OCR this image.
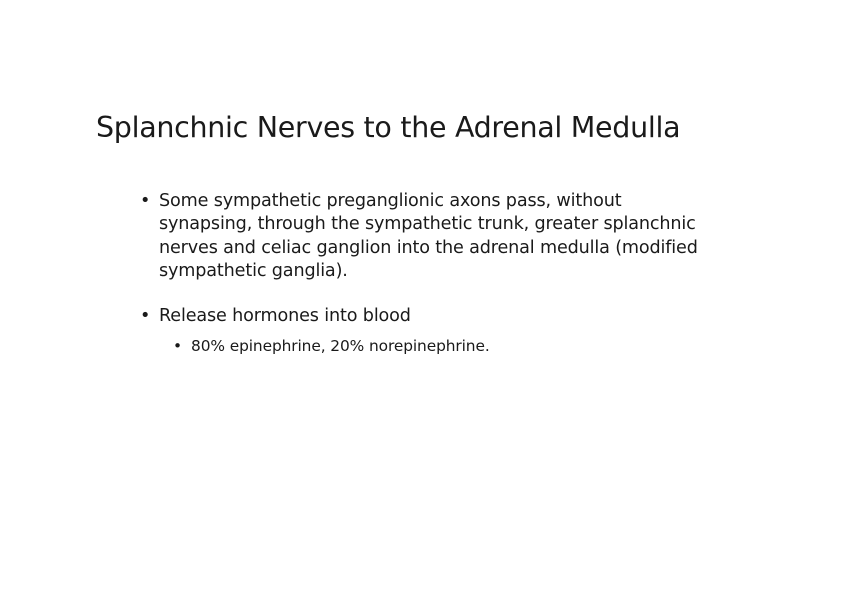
Splanchnic Nerves to the Adrenal Medulla
• Some sympathetic preganglionic axons pass, without synapsing, through the sympathetic trunk, greater splanchnic nerves and celiac ganglion into the adrenal medulla (modified sympathetic ganglia).
• Release hormones into blood
• 80% epinephrine, 20% norepinephrine.
